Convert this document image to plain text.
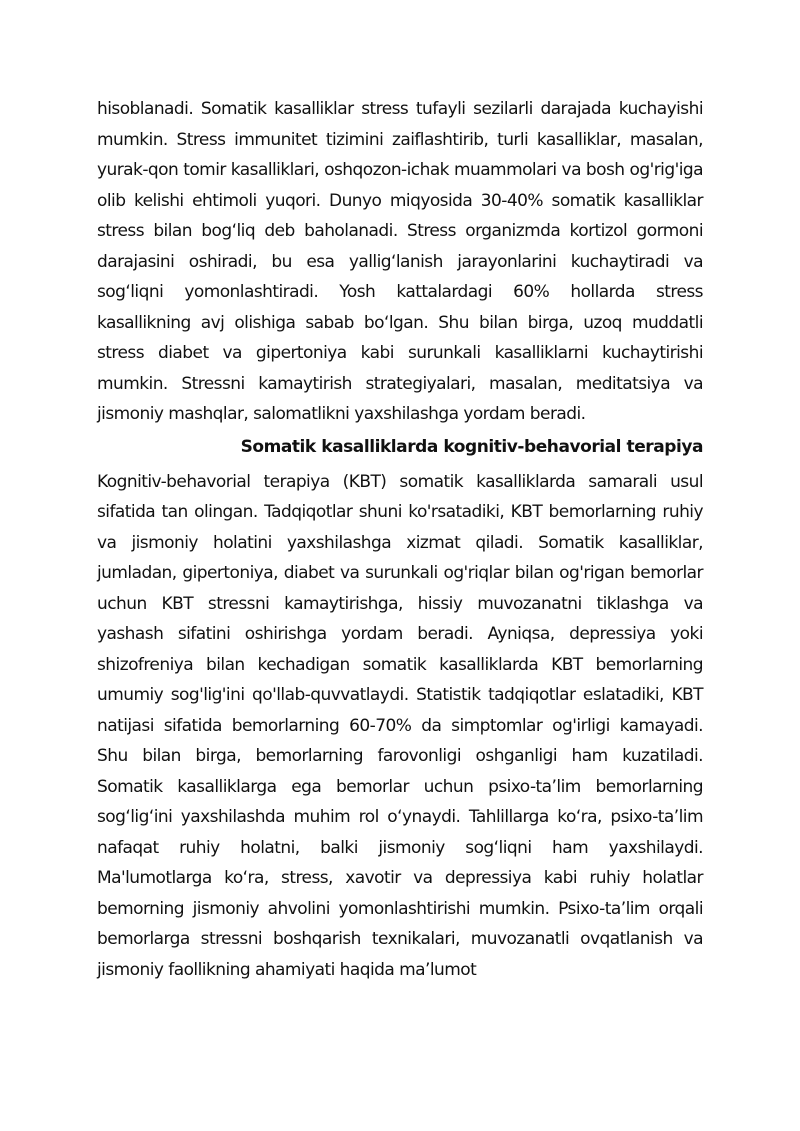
hisoblanadi. Somatik kasalliklar stress tufayli sezilarli darajada kuchayishi mumkin. Stress immunitet tizimini zaiflashtirib, turli kasalliklar, masalan, yurak-qon tomir kasalliklari, oshqozon-ichak muammolari va bosh og'rig'iga olib kelishi ehtimoli yuqori. Dunyo miqyosida 30-40% somatik kasalliklar stress bilan bog‘liq deb baholanadi. Stress organizmda kortizol gormoni darajasini oshiradi, bu esa yallig‘lanish jarayonlarini kuchaytiradi va sog‘liqni yomonlashtiradi. Yosh kattalardagi 60% hollarda stress kasallikning avj olishiga sabab bo‘lgan. Shu bilan birga, uzoq muddatli stress diabet va gipertoniya kabi surunkali kasalliklarni kuchaytirishi mumkin. Stressni kamaytirish strategiyalari, masalan, meditatsiya va jismoniy mashqlar, salomatlikni yaxshilashga yordam beradi.

Somatik kasalliklarda kognitiv-behavorial terapiya

Kognitiv-behavorial terapiya (KBT) somatik kasalliklarda samarali usul sifatida tan olingan. Tadqiqotlar shuni ko'rsatadiki, KBT bemorlarning ruhiy va jismoniy holatini yaxshilashga xizmat qiladi. Somatik kasalliklar, jumladan, gipertoniya, diabet va surunkali og'riqlar bilan og'rigan bemorlar uchun KBT stressni kamaytirishga, hissiy muvozanatni tiklashga va yashash sifatini oshirishga yordam beradi. Ayniqsa, depressiya yoki shizofreniya bilan kechadigan somatik kasalliklarda KBT bemorlarning umumiy sog'lig'ini qo'llab-quvvatlaydi. Statistik tadqiqotlar eslatadiki, KBT natijasi sifatida bemorlarning 60-70% da simptomlar og'irligi kamayadi. Shu bilan birga, bemorlarning farovonligi oshganligi ham kuzatiladi. Somatik kasalliklarga ega bemorlar uchun psixo-ta’lim bemorlarning sog‘lig‘ini yaxshilashda muhim rol o‘ynaydi. Tahlillarga ko‘ra, psixo-ta’lim nafaqat ruhiy holatni, balki jismoniy sog‘liqni ham yaxshilaydi. Ma'lumotlarga ko‘ra, stress, xavotir va depressiya kabi ruhiy holatlar bemorning jismoniy ahvolini yomonlashtirishi mumkin. Psixo-ta’lim orqali bemorlarga stressni boshqarish texnikalari, muvozanatli ovqatlanish va jismoniy faollikning ahamiyati haqida ma’lumot
